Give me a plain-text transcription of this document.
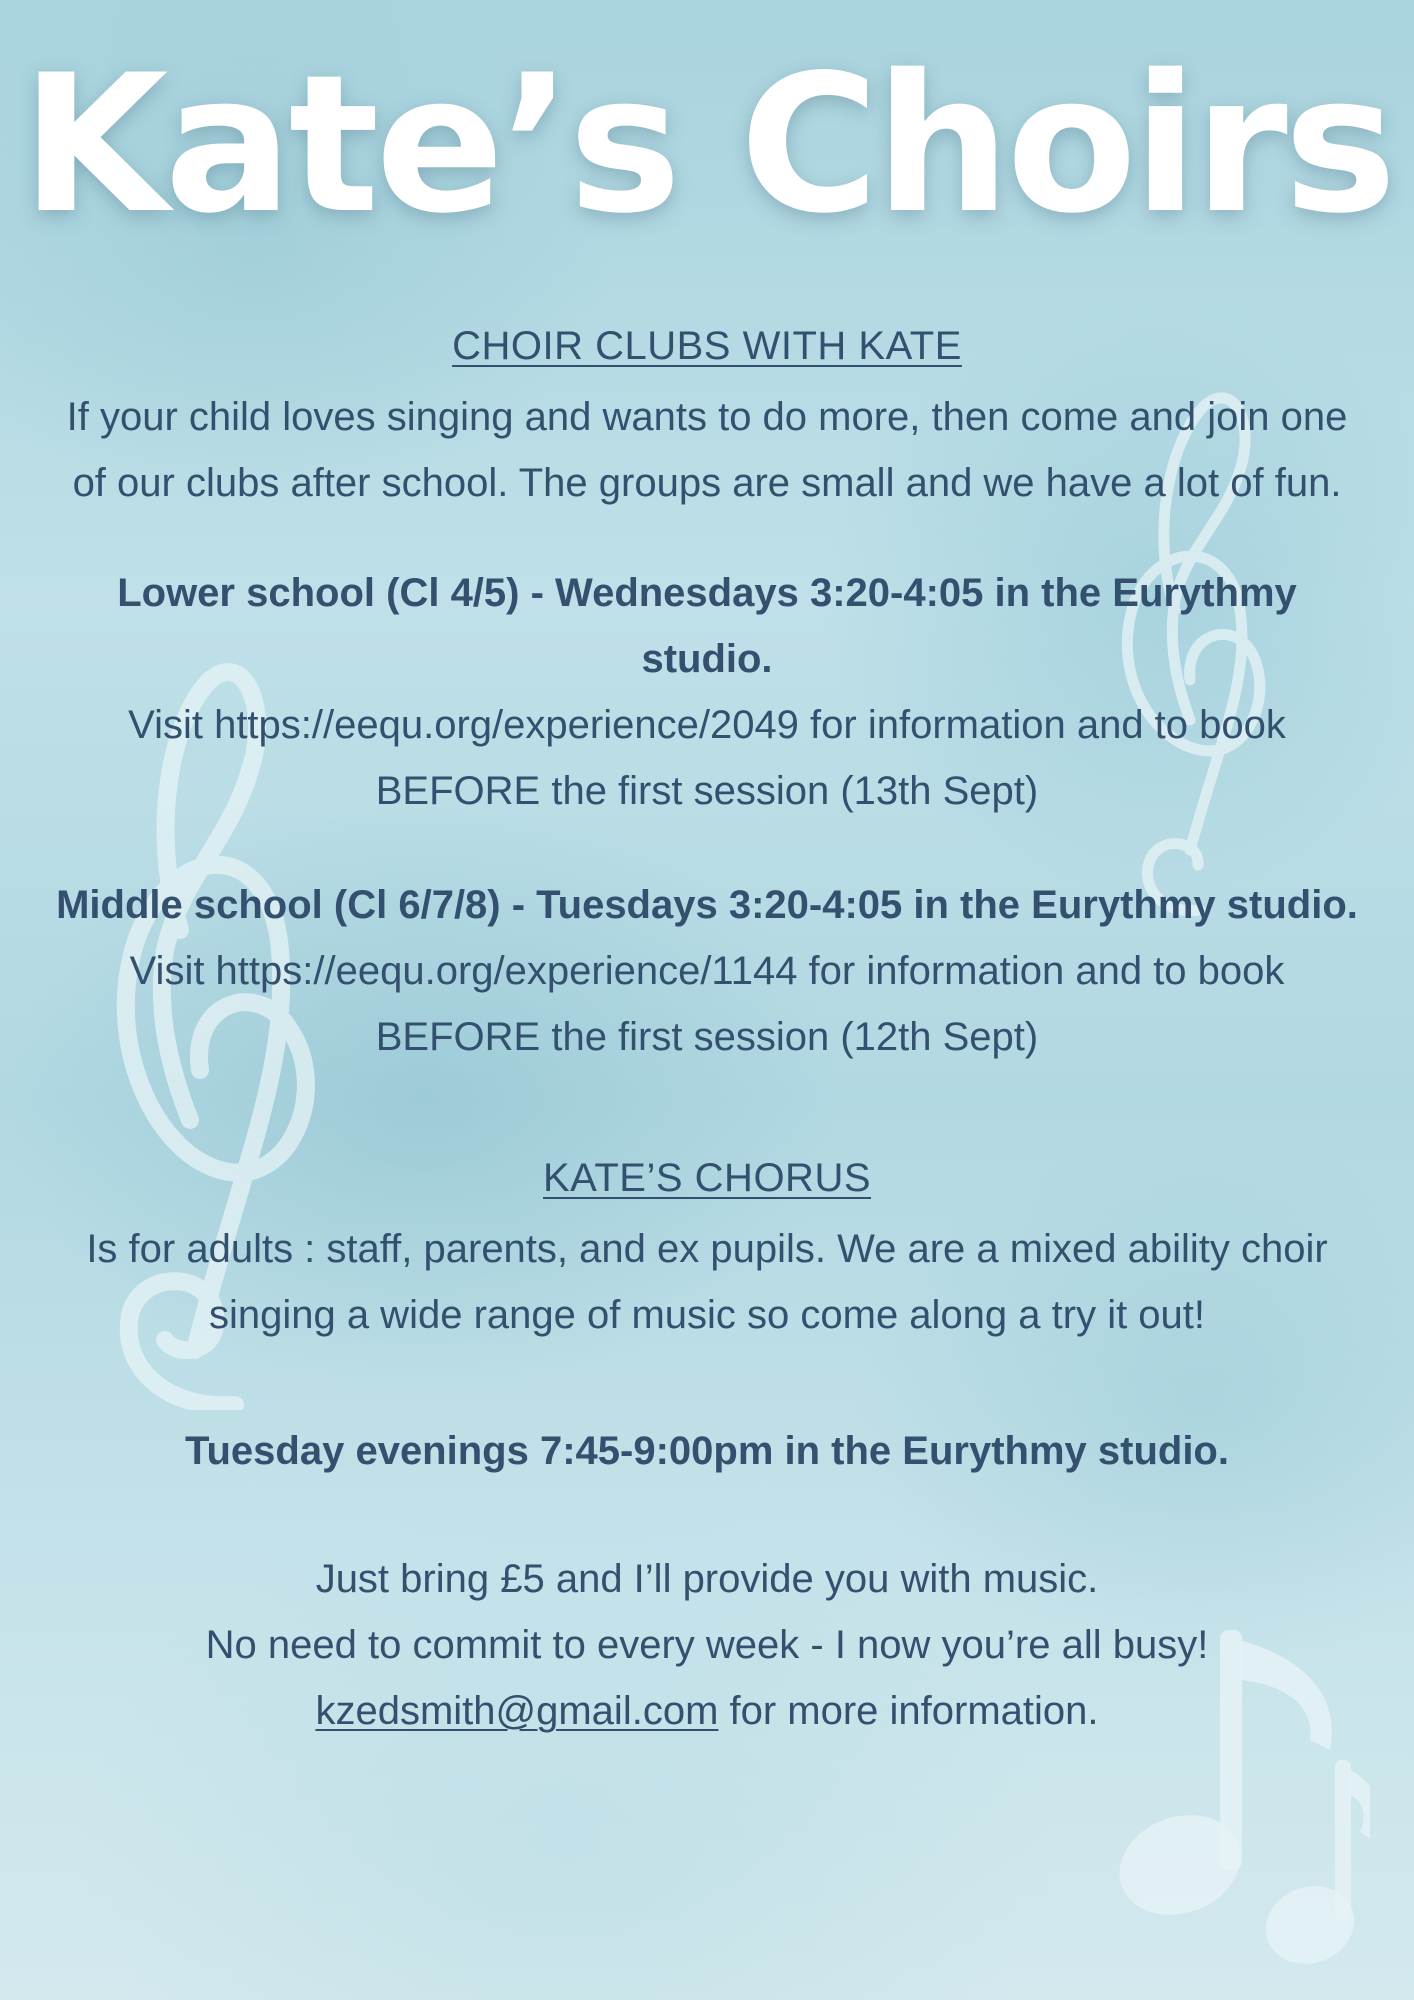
Kate’s Choirs
CHOIR CLUBS WITH KATE

If your child loves singing and wants to do more, then come and join one of our clubs after school. The groups are small and we have a lot of fun.

Lower school (Cl 4/5) - Wednesdays 3:20-4:05 in the Eurythmy studio.

Visit https://eequ.org/experience/2049 for information and to book BEFORE the first session (13th Sept)

Middle school (Cl 6/7/8) - Tuesdays 3:20-4:05 in the Eurythmy studio.

Visit https://eequ.org/experience/1144 for information and to book BEFORE the first session (12th Sept)

KATE’S CHORUS

Is for adults : staff, parents, and ex pupils. We are a mixed ability choir singing a wide range of music so come along a try it out!

Tuesday evenings 7:45-9:00pm in the Eurythmy studio.

Just bring £5 and I’ll provide you with music.

No need to commit to every week - I now you’re all busy!

kzedsmith@gmail.com for more information.
